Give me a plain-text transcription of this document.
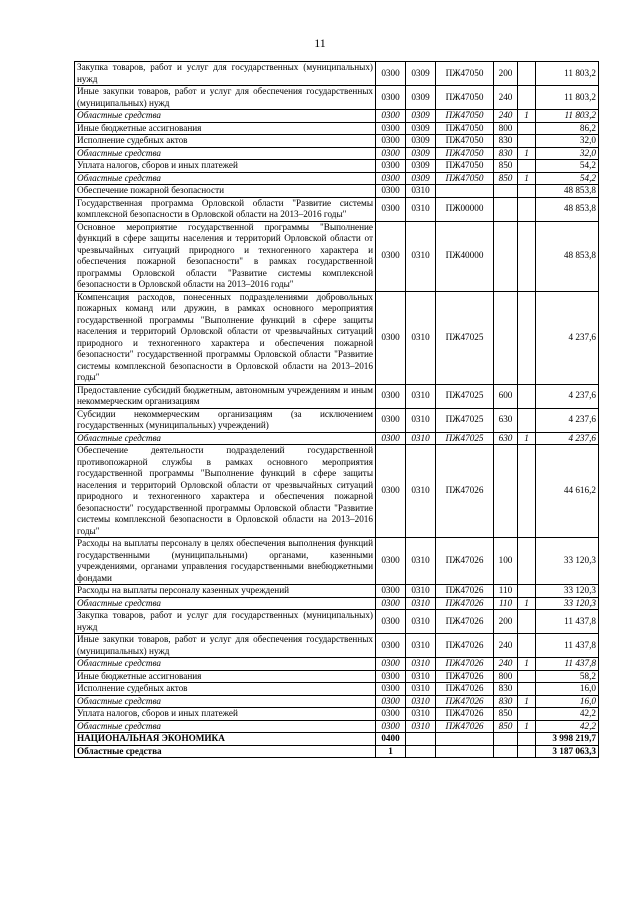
11
Закупка товаров, работ и услуг для государственных (муниципальных) нужд	0300	0309	ПЖ47050	200		11 803,2
Иные закупки товаров, работ и услуг для обеспечения государственных (муниципальных) нужд	0300	0309	ПЖ47050	240		11 803,2
Областные средства	0300	0309	ПЖ47050	240	1	11 803,2
Иные бюджетные ассигнования	0300	0309	ПЖ47050	800		86,2
Исполнение судебных актов	0300	0309	ПЖ47050	830		32,0
Областные средства	0300	0309	ПЖ47050	830	1	32,0
Уплата налогов, сборов и иных платежей	0300	0309	ПЖ47050	850		54,2
Областные средства	0300	0309	ПЖ47050	850	1	54,2
Обеспечение пожарной безопасности	0300	0310				48 853,8
Государственная программа Орловской области "Развитие системы комплексной безопасности в Орловской области на 2013–2016 годы"	0300	0310	ПЖ00000			48 853,8
Основное мероприятие государственной программы "Выполнение функций в сфере защиты населения и территорий Орловской области от чрезвычайных ситуаций природного и техногенного характера и обеспечения пожарной безопасности" в рамках государственной программы Орловской области "Развитие системы комплексной безопасности в Орловской области на 2013–2016 годы"	0300	0310	ПЖ40000			48 853,8
Компенсация расходов, понесенных подразделениями добровольных пожарных команд или дружин, в рамках основного мероприятия государственной программы "Выполнение функций в сфере защиты населения и территорий Орловской области от чрезвычайных ситуаций природного и техногенного характера и обеспечения пожарной безопасности" государственной программы Орловской области "Развитие системы комплексной безопасности в Орловской области на 2013–2016 годы"	0300	0310	ПЖ47025			4 237,6
Предоставление субсидий бюджетным, автономным учреждениям и иным некоммерческим организациям	0300	0310	ПЖ47025	600		4 237,6
Субсидии некоммерческим организациям (за исключением государственных (муниципальных) учреждений)	0300	0310	ПЖ47025	630		4 237,6
Областные средства	0300	0310	ПЖ47025	630	1	4 237,6
Обеспечение деятельности подразделений государственной противопожарной службы в рамках основного мероприятия государственной программы "Выполнение функций в сфере защиты населения и территорий Орловской области от чрезвычайных ситуаций природного и техногенного характера и обеспечения пожарной безопасности" государственной программы Орловской области "Развитие системы комплексной безопасности в Орловской области на 2013–2016 годы"	0300	0310	ПЖ47026			44 616,2
Расходы на выплаты персоналу в целях обеспечения выполнения функций государственными (муниципальными) органами, казенными учреждениями, органами управления государственными внебюджетными фондами	0300	0310	ПЖ47026	100		33 120,3
Расходы на выплаты персоналу казенных учреждений	0300	0310	ПЖ47026	110		33 120,3
Областные средства	0300	0310	ПЖ47026	110	1	33 120,3
Закупка товаров, работ и услуг для государственных (муниципальных) нужд	0300	0310	ПЖ47026	200		11 437,8
Иные закупки товаров, работ и услуг для обеспечения государственных (муниципальных) нужд	0300	0310	ПЖ47026	240		11 437,8
Областные средства	0300	0310	ПЖ47026	240	1	11 437,8
Иные бюджетные ассигнования	0300	0310	ПЖ47026	800		58,2
Исполнение судебных актов	0300	0310	ПЖ47026	830		16,0
Областные средства	0300	0310	ПЖ47026	830	1	16,0
Уплата налогов, сборов и иных платежей	0300	0310	ПЖ47026	850		42,2
Областные средства	0300	0310	ПЖ47026	850	1	42,2
НАЦИОНАЛЬНАЯ ЭКОНОМИКА	0400					3 998 219,7
Областные средства	1					3 187 063,3
